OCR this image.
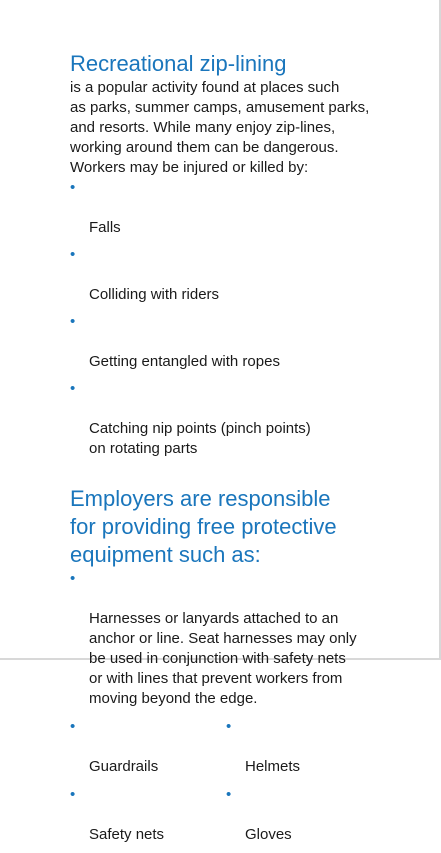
Recreational zip-lining

is a popular activity found at places such
as parks, summer camps, amusement parks,
and resorts. While many enjoy zip-lines,
working around them can be dangerous.
Workers may be injured or killed by:

•

Falls

•

Colliding with riders

•

Getting entangled with ropes

•

Catching nip points (pinch points)
on rotating parts

Employers are responsible
for providing free protective
equipment such as:

•

Harnesses or lanyards attached to an
anchor or line. Seat harnesses may only
be used in conjunction with safety nets
or with lines that prevent workers from
moving beyond the edge.

•

Guardrails

•

Safety nets

•

Helmets

•

Gloves
